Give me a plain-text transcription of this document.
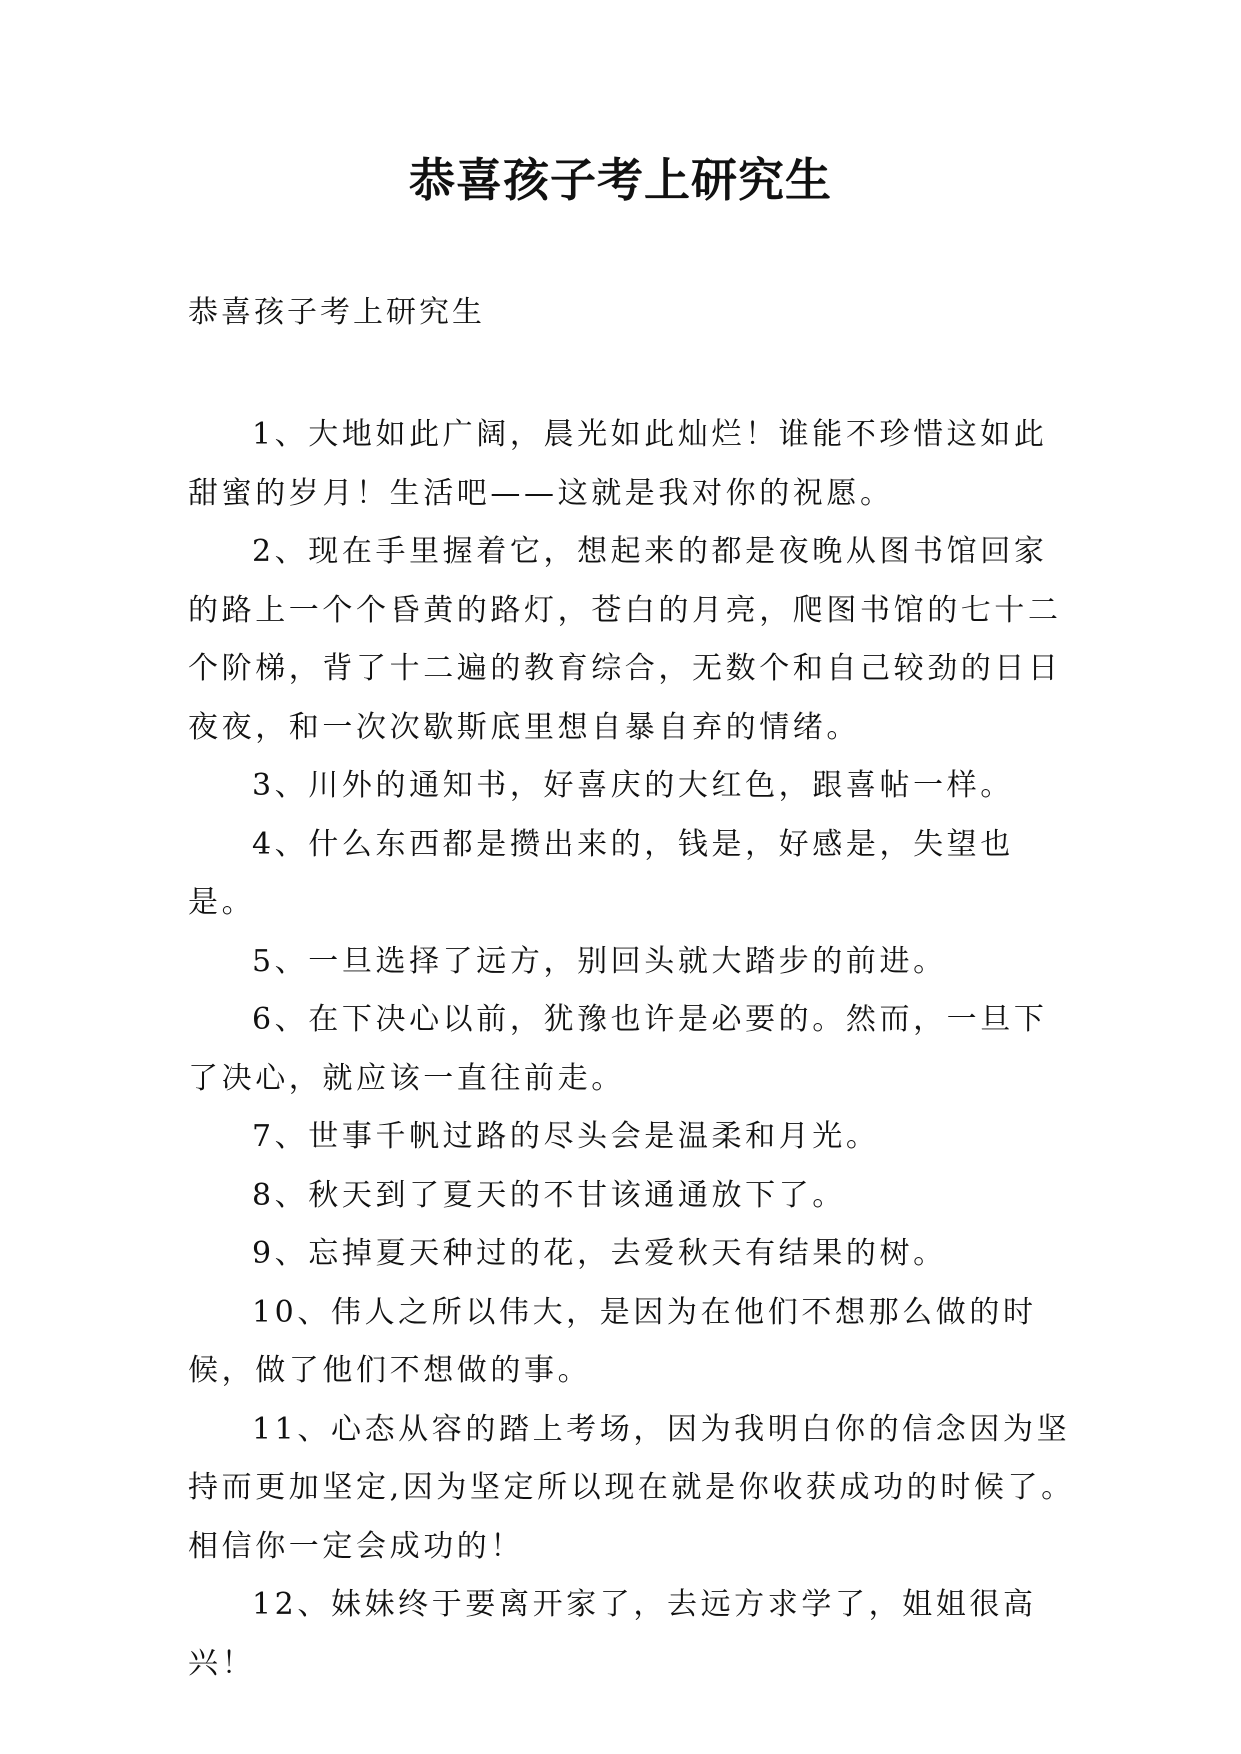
恭喜孩子考上研究生
恭喜孩子考上研究生

1、大地如此广阔，晨光如此灿烂！谁能不珍惜这如此甜蜜的岁月！生活吧——这就是我对你的祝愿。

2、现在手里握着它，想起来的都是夜晚从图书馆回家的路上一个个昏黄的路灯，苍白的月亮，爬图书馆的七十二个阶梯，背了十二遍的教育综合，无数个和自己较劲的日日夜夜，和一次次歇斯底里想自暴自弃的情绪。

3、川外的通知书，好喜庆的大红色，跟喜帖一样。

4、什么东西都是攒出来的，钱是，好感是，失望也是。

5、一旦选择了远方，别回头就大踏步的前进。

6、在下决心以前，犹豫也许是必要的。然而，一旦下了决心，就应该一直往前走。

7、世事千帆过路的尽头会是温柔和月光。

8、秋天到了夏天的不甘该通通放下了。

9、忘掉夏天种过的花，去爱秋天有结果的树。

10、伟人之所以伟大，是因为在他们不想那么做的时候，做了他们不想做的事。

11、心态从容的踏上考场，因为我明白你的信念因为坚持而更加坚定,因为坚定所以现在就是你收获成功的时候了。相信你一定会成功的！

12、妹妹终于要离开家了，去远方求学了，姐姐很高兴！
